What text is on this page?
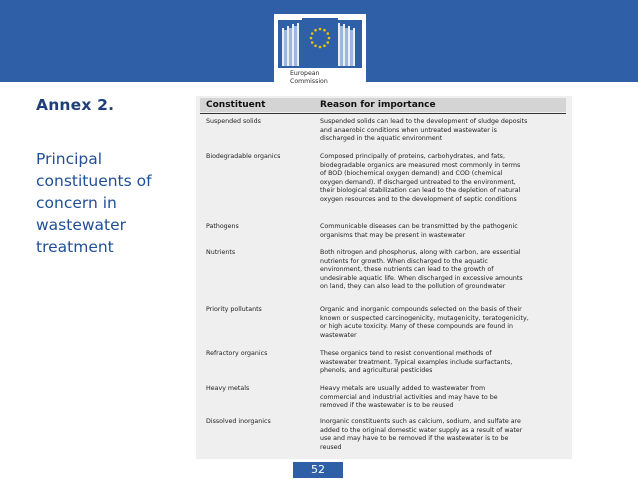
European
Commission
Annex 2.

Principal constituents of concern in wastewater treatment

Constituent	Reason for importance
Suspended solids	Suspended solids can lead to the development of sludge deposits
and anaerobic conditions when untreated wastewater is
discharged in the aquatic environment
Biodegradable organics	Composed principally of proteins, carbohydrates, and fats,
biodegradable organics are measured most commonly in terms
of BOD (biochemical oxygen demand) and COD (chemical
oxygen demand). If discharged untreated to the environment,
their biological stabilization can lead to the depletion of natural
oxygen resources and to the development of septic conditions
Pathogens	Communicable diseases can be transmitted by the pathogenic
organisms that may be present in wastewater
Nutrients	Both nitrogen and phosphorus, along with carbon, are essential
nutrients for growth. When discharged to the aquatic
environment, these nutrients can lead to the growth of
undesirable aquatic life. When discharged in excessive amounts
on land, they can also lead to the pollution of groundwater
Priority pollutants	Organic and inorganic compounds selected on the basis of their
known or suspected carcinogenicity, mutagenicity, teratogenicity,
or high acute toxicity. Many of these compounds are found in
wastewater
Refractory organics	These organics tend to resist conventional methods of
wastewater treatment. Typical examples include surfactants,
phenols, and agricultural pesticides
Heavy metals	Heavy metals are usually added to wastewater from
commercial and industrial activities and may have to be
removed if the wastewater is to be reused
Dissolved inorganics	Inorganic constituents such as calcium, sodium, and sulfate are
added to the original domestic water supply as a result of water
use and may have to be removed if the wastewater is to be
reused
52
